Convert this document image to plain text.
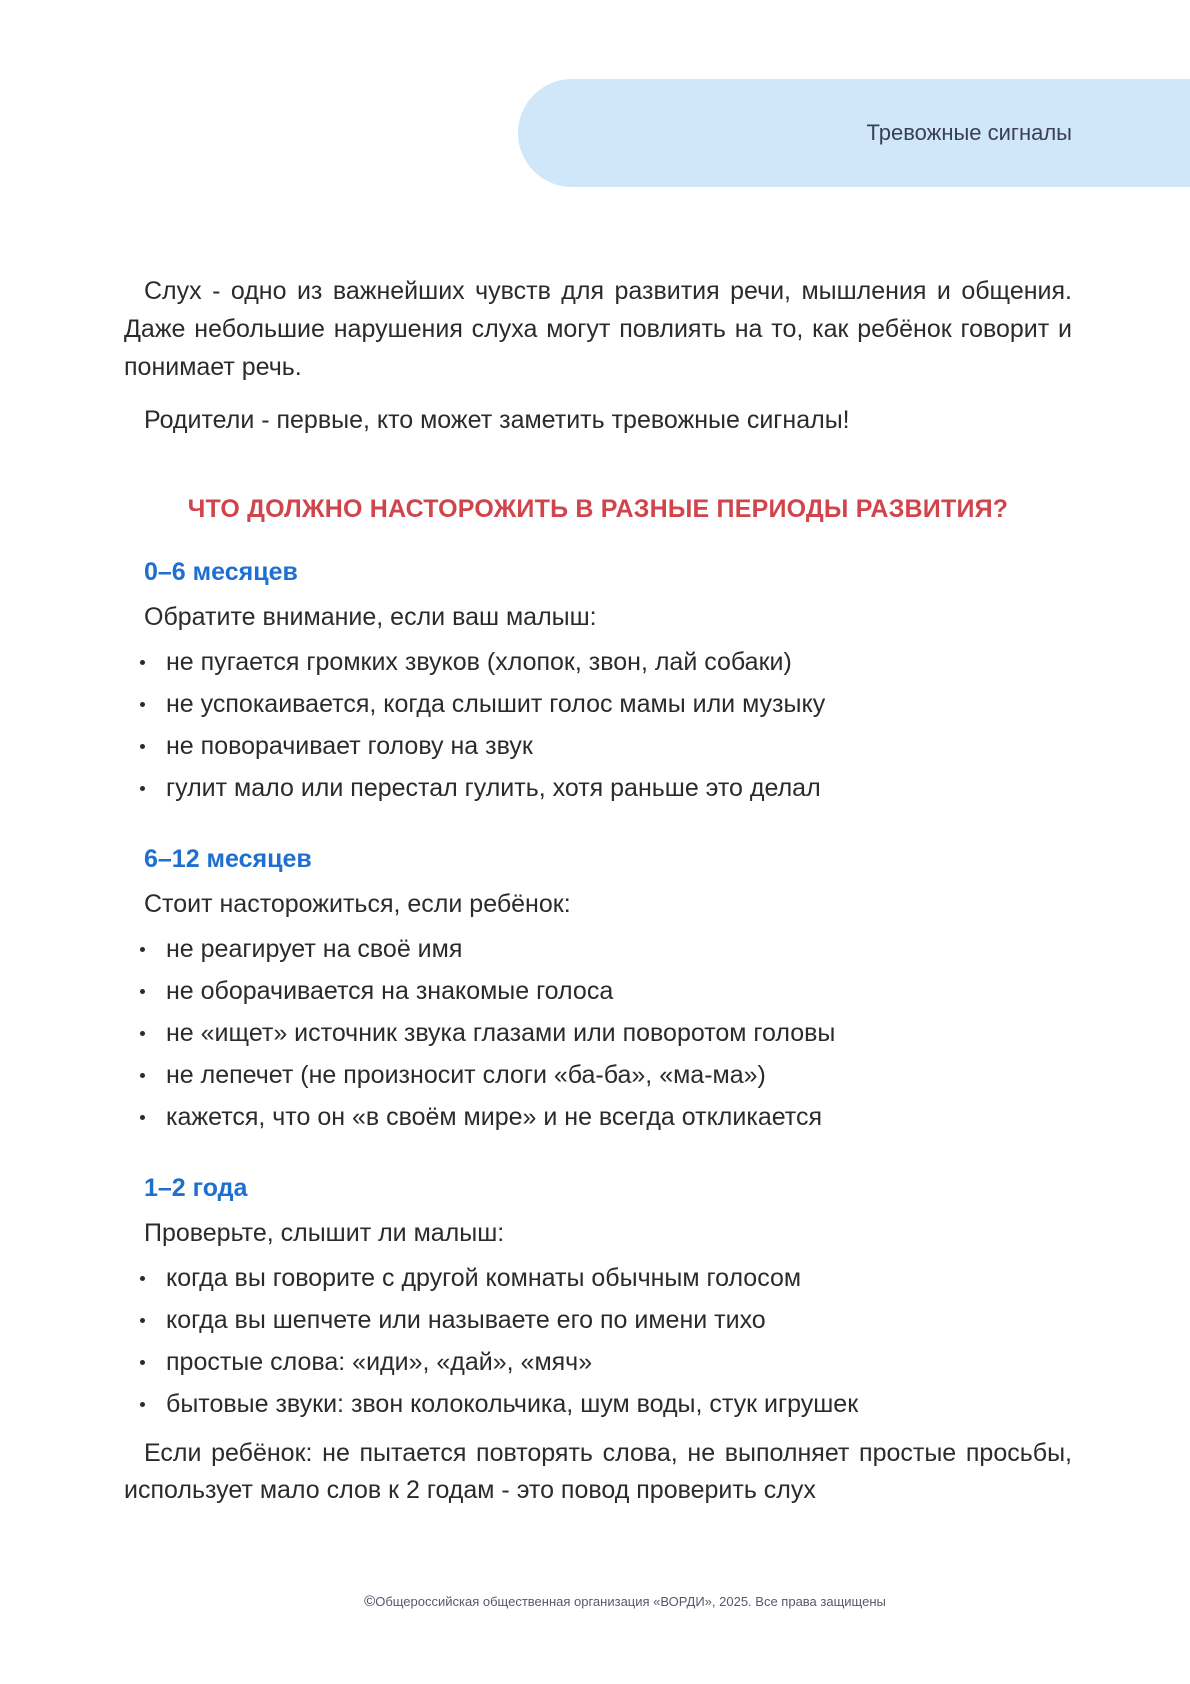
Тревожные сигналы

Слух - одно из важнейших чувств для развития речи, мышления и общения. Даже небольшие нарушения слуха могут повлиять на то, как ребёнок говорит и понимает речь.

Родители - первые, кто может заметить тревожные сигналы!

ЧТО ДОЛЖНО НАСТОРОЖИТЬ В РАЗНЫЕ ПЕРИОДЫ РАЗВИТИЯ?
0–6 месяцев
Обратите внимание, если ваш малыш:
не пугается громких звуков (хлопок, звон, лай собаки)
не успокаивается, когда слышит голос мамы или музыку
не поворачивает голову на звук
гулит мало или перестал гулить, хотя раньше это делал
6–12 месяцев
Стоит насторожиться, если ребёнок:
не реагирует на своё имя
не оборачивается на знакомые голоса
не «ищет» источник звука глазами или поворотом головы
не лепечет (не произносит слоги «ба-ба», «ма-ма»)
кажется, что он «в своём мире» и не всегда откликается
1–2 года
Проверьте, слышит ли малыш:
когда вы говорите с другой комнаты обычным голосом
когда вы шепчете или называете его по имени тихо
простые слова: «иди», «дай», «мяч»
бытовые звуки: звон колокольчика, шум воды, стук игрушек
Если ребёнок: не пытается повторять слова, не выполняет простые просьбы, использует мало слов к 2 годам - это повод проверить слух
©Общероссийская общественная организация «ВОРДИ», 2025. Все права защищены
